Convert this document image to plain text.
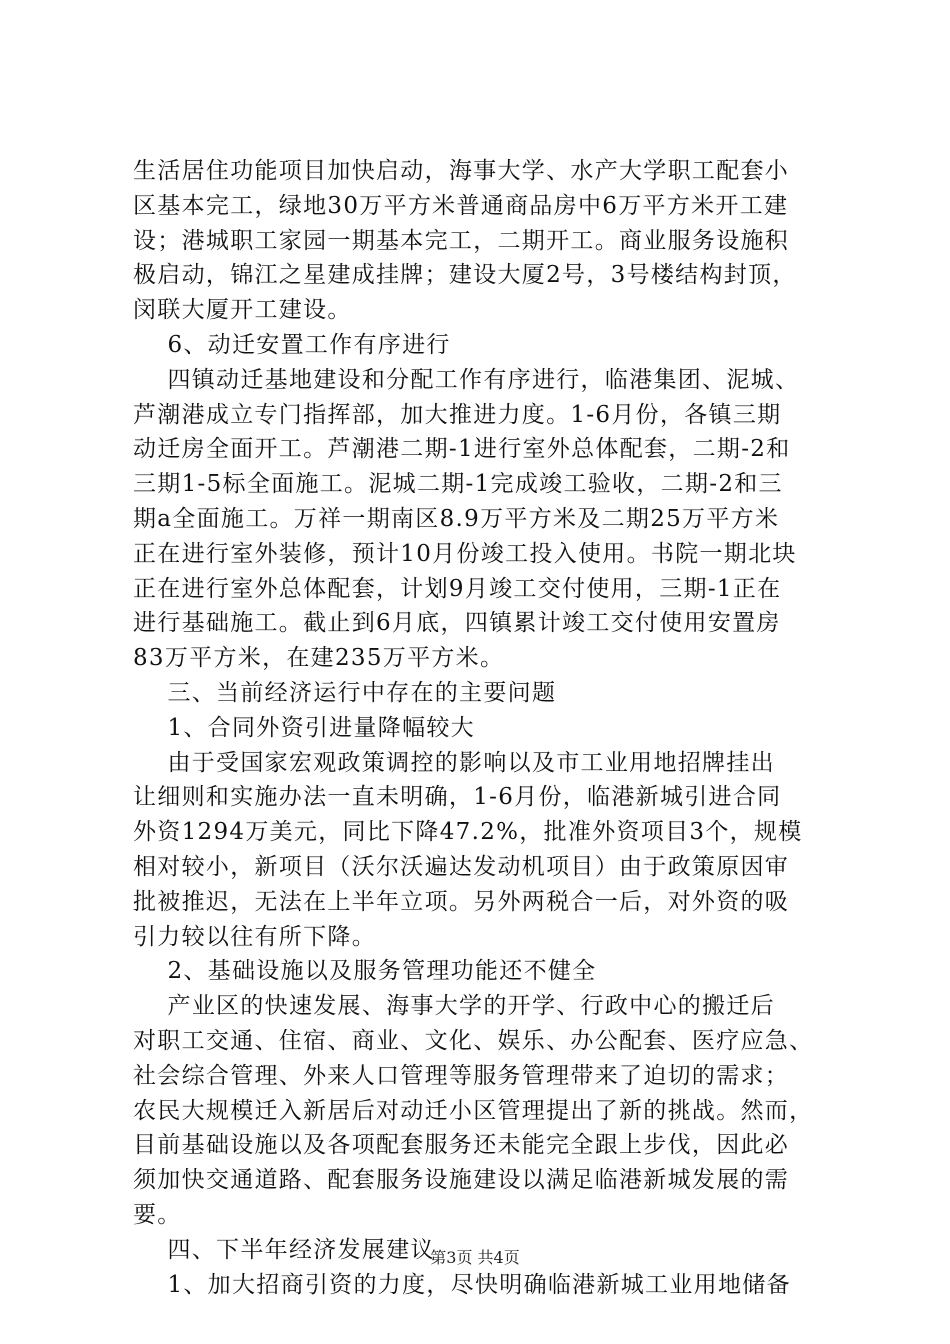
生活居住功能项目加快启动，海事大学、水产大学职工配套小
区基本完工，绿地30万平方米普通商品房中6万平方米开工建
设；港城职工家园一期基本完工，二期开工。商业服务设施积
极启动，锦江之星建成挂牌；建设大厦2号，3号楼结构封顶，
闵联大厦开工建设。
6、动迁安置工作有序进行
四镇动迁基地建设和分配工作有序进行，临港集团、泥城、
芦潮港成立专门指挥部，加大推进力度。1-6月份，各镇三期
动迁房全面开工。芦潮港二期-1进行室外总体配套，二期-2和
三期1-5标全面施工。泥城二期-1完成竣工验收，二期-2和三
期a全面施工。万祥一期南区8.9万平方米及二期25万平方米
正在进行室外装修，预计10月份竣工投入使用。书院一期北块
正在进行室外总体配套，计划9月竣工交付使用，三期-1正在
进行基础施工。截止到6月底，四镇累计竣工交付使用安置房
83万平方米，在建235万平方米。
三、当前经济运行中存在的主要问题
1、合同外资引进量降幅较大
由于受国家宏观政策调控的影响以及市工业用地招牌挂出
让细则和实施办法一直未明确，1-6月份，临港新城引进合同
外资1294万美元，同比下降47.2%，批准外资项目3个，规模
相对较小，新项目（沃尔沃遍达发动机项目）由于政策原因审
批被推迟，无法在上半年立项。另外两税合一后，对外资的吸
引力较以往有所下降。
2、基础设施以及服务管理功能还不健全
产业区的快速发展、海事大学的开学、行政中心的搬迁后
对职工交通、住宿、商业、文化、娱乐、办公配套、医疗应急、
社会综合管理、外来人口管理等服务管理带来了迫切的需求；
农民大规模迁入新居后对动迁小区管理提出了新的挑战。然而，
目前基础设施以及各项配套服务还未能完全跟上步伐，因此必
须加快交通道路、配套服务设施建设以满足临港新城发展的需
要。
四、下半年经济发展建议
1、加大招商引资的力度，尽快明确临港新城工业用地储备
第3页 共4页
